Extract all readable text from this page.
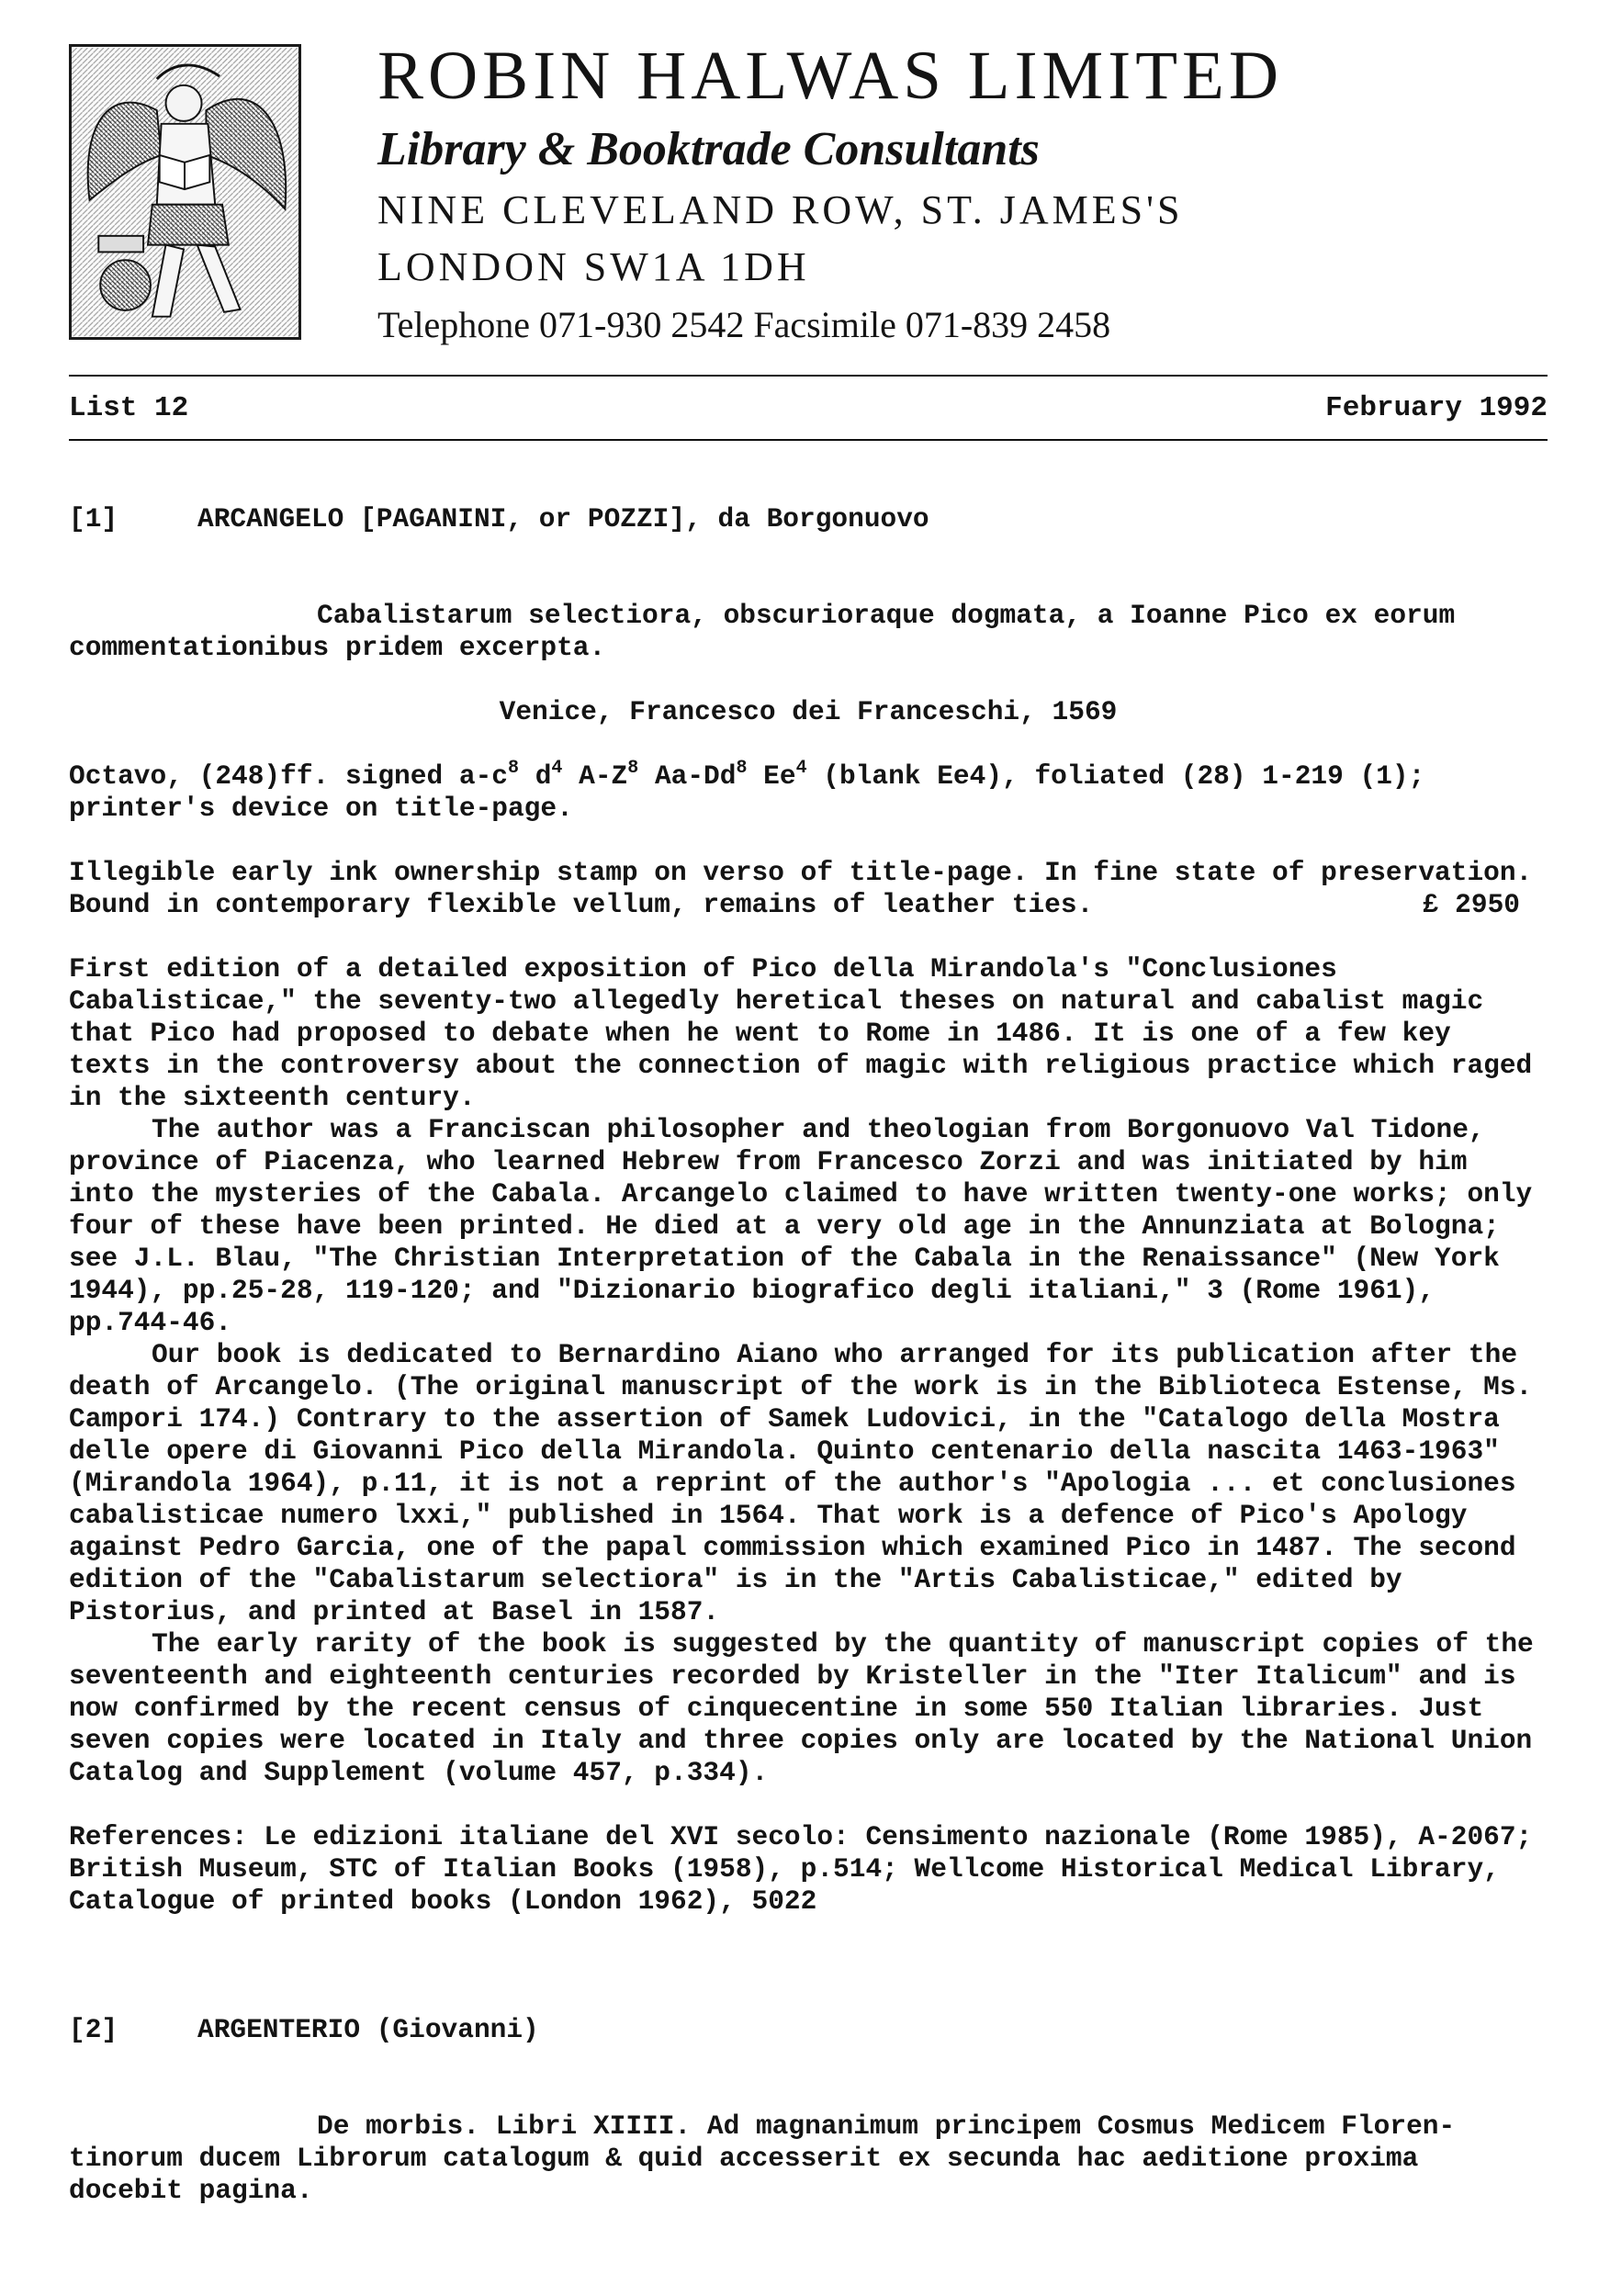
ROBIN HALWAS LIMITED
Library & Booktrade Consultants
NINE CLEVELAND ROW, ST. JAMES'S
LONDON SW1A 1DH
Telephone 071-930 2542 Facsimile 071-839 2458
List 12	February 1992
[1]	ARCANGELO [PAGANINI, or POZZI], da Borgonuovo

Cabalistarum selectiora, obscurioraque dogmata, a Ioanne Pico ex eorum

commentationibus pridem excerpta.

Venice, Francesco dei Franceschi, 1569

Octavo, (248)ff. signed $a-c^8$ $d^4$ $A-Z^8$ Aa-Dd$^8$ Ee$^4$ (blank Ee4), foliated (28) 1-219 (1);

printer's device on title-page.

Illegible early ink ownership stamp on verso of title-page. In fine state of preservation.

Bound in contemporary flexible vellum, remains of leather ties.	£ 2950

First edition of a detailed exposition of Pico della Mirandola's "Conclusiones Cabalisticae," the seventy-two allegedly heretical theses on natural and cabalist magic that Pico had proposed to debate when he went to Rome in 1486. It is one of a few key texts in the controversy about the connection of magic with religious practice which raged in the sixteenth century.

The author was a Franciscan philosopher and theologian from Borgonuovo Val Tidone, province of Piacenza, who learned Hebrew from Francesco Zorzi and was initiated by him into the mysteries of the Cabala. Arcangelo claimed to have written twenty-one works; only four of these have been printed. He died at a very old age in the Annunziata at Bologna; see J.L. Blau, "The Christian Interpretation of the Cabala in the Renaissance" (New York 1944), pp.25-28, 119-120; and "Dizionario biografico degli italiani," 3 (Rome 1961), pp.744-46.

Our book is dedicated to Bernardino Aiano who arranged for its publication after the death of Arcangelo. (The original manuscript of the work is in the Biblioteca Estense, Ms. Campori 174.) Contrary to the assertion of Samek Ludovici, in the "Catalogo della Mostra delle opere di Giovanni Pico della Mirandola. Quinto centenario della nascita 1463-1963" (Mirandola 1964), p.11, it is not a reprint of the author's "Apologia ... et conclusiones cabalisticae numero lxxi," published in 1564. That work is a defence of Pico's Apology against Pedro Garcia, one of the papal commission which examined Pico in 1487. The second edition of the "Cabalistarum selectiora" is in the "Artis Cabalisticae," edited by Pistorius, and printed at Basel in 1587.

The early rarity of the book is suggested by the quantity of manuscript copies of the seventeenth and eighteenth centuries recorded by Kristeller in the "Iter Italicum" and is now confirmed by the recent census of cinquecentine in some 550 Italian libraries. Just seven copies were located in Italy and three copies only are located by the National Union Catalog and Supplement (volume 457, p.334).

References: Le edizioni italiane del XVI secolo: Censimento nazionale (Rome 1985), A-2067; British Museum, STC of Italian Books (1958), p.514; Wellcome Historical Medical Library, Catalogue of printed books (London 1962), 5022

[2]	ARGENTERIO (Giovanni)

De morbis. Libri XIIII. Ad magnanimum principem Cosmus Medicem Floren-

tinorum ducem Librorum catalogum & quid accesserit ex secunda hac aeditione proxima docebit pagina.
